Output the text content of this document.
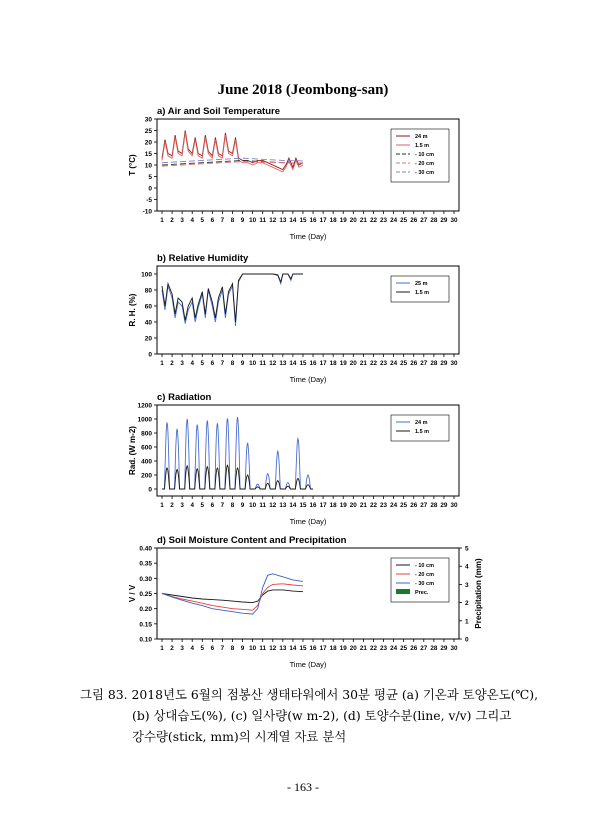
June 2018 (Jeombong-san)
a) Air and Soil Temperature
-10
-5
0
5
10
15
20
25
30
1 2 3 4 5 6 7 8 9 10 11 12 13 14 15 16 17 18 19 20 21 22 23 24 25 26 27 28 29 30
Time (Day)
T (°C)
24 m
1.5 m
- 10 cm
- 20 cm
- 30 cm
b) Relative Humidity
0
20
40
60
80
100
1 2 3 4 5 6 7 8 9 10 11 12 13 14 15 16 17 18 19 20 21 22 23 24 25 26 27 28 29 30
Time (Day)
R. H. (%)
25 m
1.5 m
c) Radiation
0
200
400
600
800
1000
1200
1 2 3 4 5 6 7 8 9 10 11 12 13 14 15 16 17 18 19 20 21 22 23 24 25 26 27 28 29 30
Time (Day)
Rad. (W m-2)
24 m
1.5 m
d) Soil Moisture Content and Precipitation
0.10
0.15
0.20
0.25
0.30
0.35
0.40
1 2 3 4 5 6 7 8 9 10 11 12 13 14 15 16 17 18 19 20 21 22 23 24 25 26 27 28 29 30
Time (Day)
V / V
0
1
2
3
4
5
Precipitation (mm)
- 10 cm
- 20 cm
- 30 cm
Prec.
그림 83. 2018년도 6월의 점봉산 생태타워에서 30분 평균 (a) 기온과 토양온도(℃),
(b) 상대습도(%), (c) 일사량(w m-2), (d) 토양수분(line, v/v) 그리고
강수량(stick, mm)의 시계열 자료 분석
- 163 -
